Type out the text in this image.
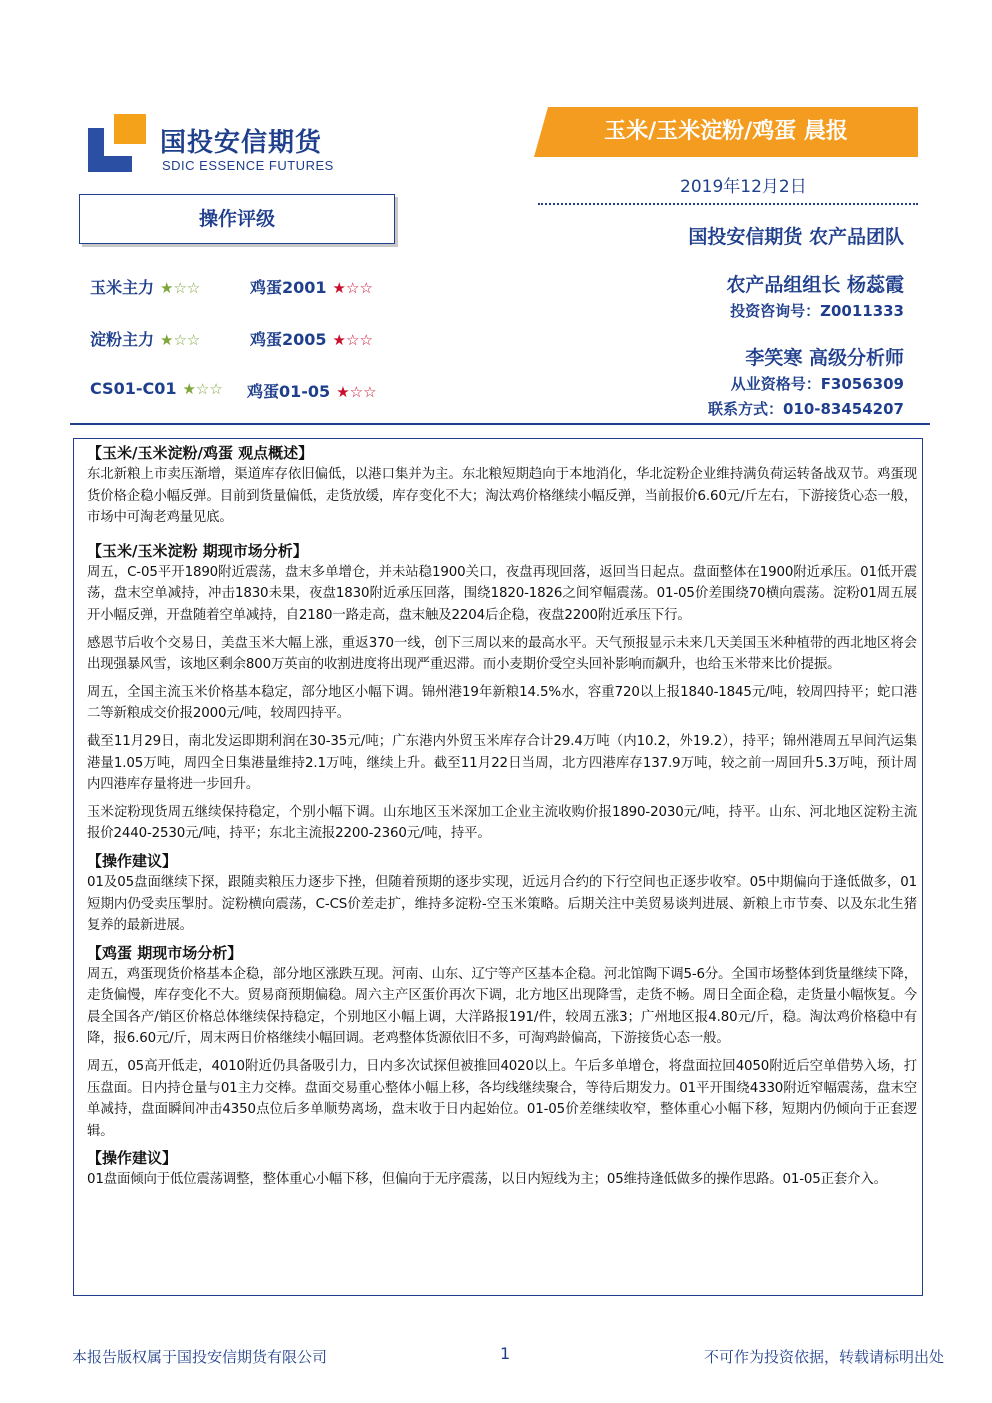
国投安信期货
SDIC ESSENCE FUTURES
玉米/玉米淀粉/鸡蛋 晨报
2019年12月2日
国投安信期货 农产品团队
农产品组组长 杨蕊霞
投资咨询号：Z0011333
李笑寒 高级分析师
从业资格号：F3056309
联系方式：010-83454207
操作评级
玉米主力 ★☆☆	鸡蛋2001 ★☆☆
淀粉主力 ★☆☆	鸡蛋2005 ★☆☆
CS01-C01 ★☆☆ 鸡蛋01-05 ★☆☆

【玉米/玉米淀粉/鸡蛋 观点概述】

东北新粮上市卖压渐增，渠道库存依旧偏低，以港口集并为主。东北粮短期趋向于本地消化，华北淀粉企业维持满负荷运转备战双节。鸡蛋现货价格企稳小幅反弹。目前到货量偏低，走货放缓，库存变化不大；淘汰鸡价格继续小幅反弹，当前报价6.60元/斤左右，下游接货心态一般，市场中可淘老鸡量见底。

【玉米/玉米淀粉 期现市场分析】

周五，C-05平开1890附近震荡，盘末多单增仓，并未站稳1900关口，夜盘再现回落，返回当日起点。盘面整体在1900附近承压。01低开震荡，盘末空单减持，冲击1830未果，夜盘1830附近承压回落，围绕1820-1826之间窄幅震荡。01-05价差围绕70横向震荡。淀粉01周五展开小幅反弹，开盘随着空单减持，自2180一路走高，盘末触及2204后企稳，夜盘2200附近承压下行。

感恩节后收个交易日，美盘玉米大幅上涨，重返370一线，创下三周以来的最高水平。天气预报显示未来几天美国玉米种植带的西北地区将会出现强暴风雪，该地区剩余800万英亩的收割进度将出现严重迟滞。而小麦期价受空头回补影响而飙升，也给玉米带来比价提振。

周五，全国主流玉米价格基本稳定，部分地区小幅下调。锦州港19年新粮14.5%水，容重720以上报1840-1845元/吨，较周四持平；蛇口港二等新粮成交价报2000元/吨，较周四持平。

截至11月29日，南北发运即期利润在30-35元/吨；广东港内外贸玉米库存合计29.4万吨（内10.2，外19.2），持平；锦州港周五早间汽运集港量1.05万吨，周四全日集港量维持2.1万吨，继续上升。截至11月22日当周，北方四港库存137.9万吨，较之前一周回升5.3万吨，预计周内四港库存量将进一步回升。

玉米淀粉现货周五继续保持稳定，个别小幅下调。山东地区玉米深加工企业主流收购价报1890-2030元/吨，持平。山东、河北地区淀粉主流报价2440-2530元/吨，持平；东北主流报2200-2360元/吨，持平。

【操作建议】

01及05盘面继续下探，跟随卖粮压力逐步下挫，但随着预期的逐步实现，近远月合约的下行空间也正逐步收窄。05中期偏向于逢低做多，01短期内仍受卖压掣肘。淀粉横向震荡，C-CS价差走扩，维持多淀粉-空玉米策略。后期关注中美贸易谈判进展、新粮上市节奏、以及东北生猪复养的最新进展。

【鸡蛋 期现市场分析】

周五，鸡蛋现货价格基本企稳，部分地区涨跌互现。河南、山东、辽宁等产区基本企稳。河北馆陶下调5-6分。全国市场整体到货量继续下降，走货偏慢，库存变化不大。贸易商预期偏稳。周六主产区蛋价再次下调，北方地区出现降雪，走货不畅。周日全面企稳，走货量小幅恢复。今晨全国各产/销区价格总体继续保持稳定，个别地区小幅上调，大洋路报191/件，较周五涨3；广州地区报4.80元/斤，稳。淘汰鸡价格稳中有降，报6.60元/斤，周末两日价格继续小幅回调。老鸡整体货源依旧不多，可淘鸡龄偏高，下游接货心态一般。

周五，05高开低走，4010附近仍具备吸引力，日内多次试探但被推回4020以上。午后多单增仓，将盘面拉回4050附近后空单借势入场，打压盘面。日内持仓量与01主力交棒。盘面交易重心整体小幅上移，各均线继续聚合，等待后期发力。01平开围绕4330附近窄幅震荡，盘末空单减持，盘面瞬间冲击4350点位后多单顺势离场，盘末收于日内起始位。01-05价差继续收窄，整体重心小幅下移，短期内仍倾向于正套逻辑。

【操作建议】

01盘面倾向于低位震荡调整，整体重心小幅下移，但偏向于无序震荡，以日内短线为主；05维持逢低做多的操作思路。01-05正套介入。

本报告版权属于国投安信期货有限公司	1	不可作为投资依据，转载请标明出处
